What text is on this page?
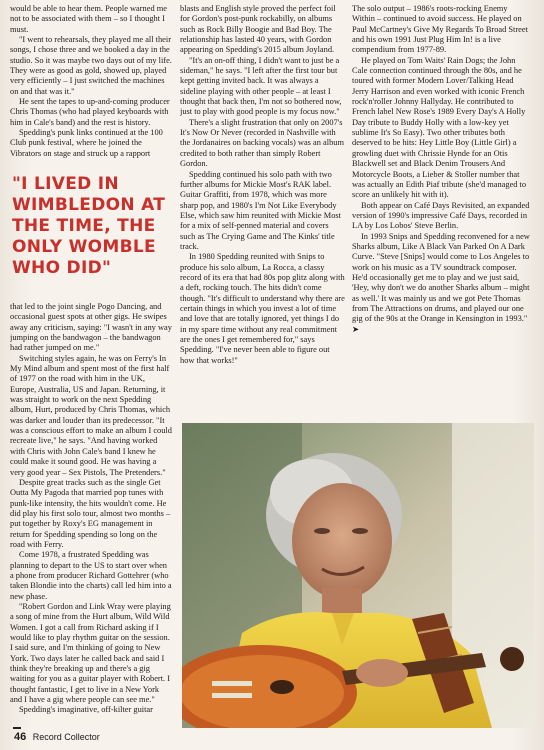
would be able to hear them. People warned me not to be associated with them – so I thought I must.

"I went to rehearsals, they played me all their songs, I chose three and we booked a day in the studio. So it was maybe two days out of my life. They were as good as gold, showed up, played very efficiently – I just switched the machines on and that was it."

He sent the tapes to up-and-coming producer Chris Thomas (who had played keyboards with him in Cale's band) and the rest is history.

Spedding's punk links continued at the 100 Club punk festival, where he joined the Vibrators on stage and struck up a rapport

"I LIVED IN WIMBLEDON AT THE TIME, THE ONLY WOMBLE WHO DID"

that led to the joint single Pogo Dancing, and occasional guest spots at other gigs. He swipes away any criticism, saying: "I wasn't in any way jumping on the bandwagon – the bandwagon had rather jumped on me."

Switching styles again, he was on Ferry's In My Mind album and spent most of the first half of 1977 on the road with him in the UK, Europe, Australia, US and Japan. Returning, it was straight to work on the next Spedding album, Hurt, produced by Chris Thomas, which was darker and louder than its predecessor. "It was a conscious effort to make an album I could recreate live," he says. "And having worked with Chris with John Cale's band I knew he could make it sound good. He was having a very good year – Sex Pistols, The Pretenders."

Despite great tracks such as the single Get Outta My Pagoda that married pop tunes with punk-like intensity, the hits wouldn't come. He did play his first solo tour, almost two months – put together by Roxy's EG management in return for Spedding spending so long on the road with Ferry.

Come 1978, a frustrated Spedding was planning to depart to the US to start over when a phone from producer Richard Gottehrer (who taken Blondie into the charts) call led him into a new phase.

"Robert Gordon and Link Wray were playing a song of mine from the Hurt album, Wild Wild Women. I got a call from Richard asking if I would like to play rhythm guitar on the session. I said sure, and I'm thinking of going to New York. Two days later he called back and said I think they're breaking up and there's a gig waiting for you as a guitar player with Robert. I thought fantastic, I get to live in a New York and I have a gig where people can see me."

Spedding's imaginative, off-kilter guitar

blasts and English style proved the perfect foil for Gordon's post-punk rockabilly, on albums such as Rock Billy Boogie and Bad Boy. The relationship has lasted 40 years, with Gordon appearing on Spedding's 2015 album Joyland.

"It's an on-off thing, I didn't want to just be a sideman," he says. "I left after the first tour but kept getting invited back. It was always a sideline playing with other people – at least I thought that back then, I'm not so bothered now, just to play with good people is my focus now."

There's a slight frustration that only on 2007's It's Now Or Never (recorded in Nashville with the Jordanaires on backing vocals) was an album credited to both rather than simply Robert Gordon.

Spedding continued his solo path with two further albums for Mickie Most's RAK label. Guitar Graffiti, from 1978, which was more sharp pop, and 1980's I'm Not Like Everybody Else, which saw him reunited with Mickie Most for a mix of self-penned material and covers such as The Crying Game and The Kinks' title track.

In 1980 Spedding reunited with Snips to produce his solo album, La Rocca, a classy record of its era that had 80s pop glitz along with a deft, rocking touch. The hits didn't come though. "It's difficult to understand why there are certain things in which you invest a lot of time and love that are totally ignored, yet things I do in my spare time without any real commitment are the ones I get remembered for," says Spedding. "I've never been able to figure out how that works!"

The solo output – 1986's roots-rocking Enemy Within – continued to avoid success. He played on Paul McCartney's Give My Regards To Broad Street and his own 1991 Just Plug Him In! is a live compendium from 1977-89.

He played on Tom Waits' Rain Dogs; the John Cale connection continued through the 80s, and he toured with former Modern Lover/Talking Head Jerry Harrison and even worked with iconic French rock'n'roller Johnny Hallyday. He contributed to French label New Rose's 1989 Every Day's A Holly Day tribute to Buddy Holly with a low-key yet sublime It's So Easy). Two other tributes both deserved to be hits: Hey Little Boy (Little Girl) a growling duet with Chrissie Hynde for an Otis Blackwell set and Black Denim Trousers And Motorcycle Boots, a Lieber & Stoller number that was actually an Edith Piaf tribute (she'd managed to score an unlikely hit with it).

Both appear on Café Days Revisited, an expanded version of 1990's impressive Café Days, recorded in LA by Los Lobos' Steve Berlin.

In 1993 Snips and Spedding reconvened for a new Sharks album, Like A Black Van Parked On A Dark Curve. "Steve [Snips] would come to Los Angeles to work on his music as a TV soundtrack composer. He'd occasionally get me to play and we just said, 'Hey, why don't we do another Sharks album – might as well.' It was mainly us and we got Pete Thomas from The Attractions on drums, and played our one gig of the 90s at the Orange in Kensington in 1993." ➤

46 Record Collector
